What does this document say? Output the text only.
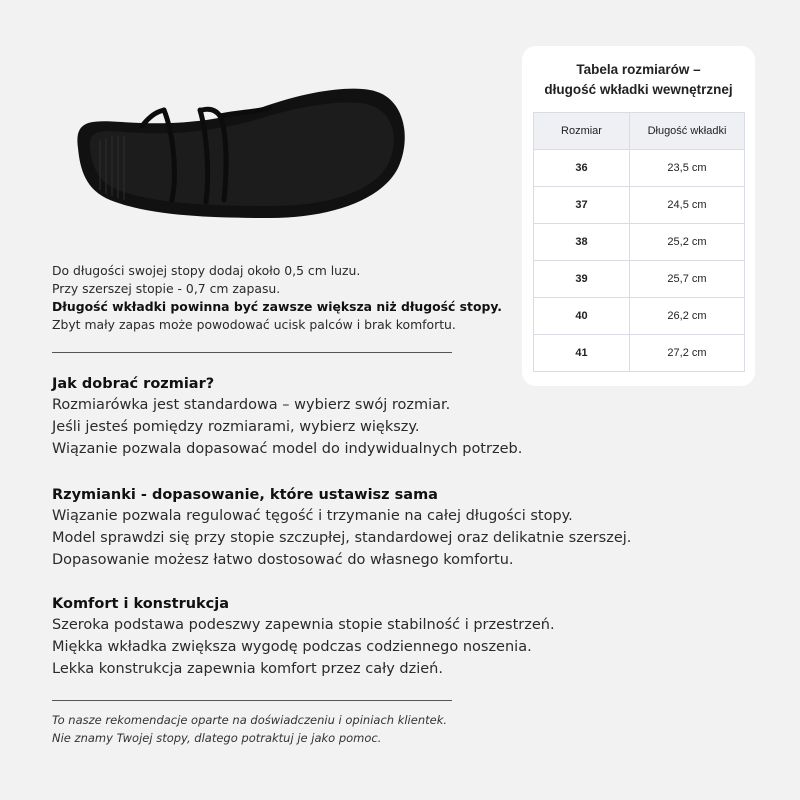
Tabela rozmiarów –
długość wkładki wewnętrznej
Rozmiar	Długość wkładki
36	23,5 cm
37	24,5 cm
38	25,2 cm
39	25,7 cm
40	26,2 cm
41	27,2 cm
Do długości swojej stopy dodaj około 0,5 cm luzu.
Przy szerszej stopie - 0,7 cm zapasu.
Długość wkładki powinna być zawsze większa niż długość stopy.
Zbyt mały zapas może powodować ucisk palców i brak komfortu.
Jak dobrać rozmiar?

Rozmiarówka jest standardowa – wybierz swój rozmiar.

Jeśli jesteś pomiędzy rozmiarami, wybierz większy.

Wiązanie pozwala dopasować model do indywidualnych potrzeb.

Rzymianki - dopasowanie, które ustawisz sama

Wiązanie pozwala regulować tęgość i trzymanie na całej długości stopy.

Model sprawdzi się przy stopie szczupłej, standardowej oraz delikatnie szerszej.

Dopasowanie możesz łatwo dostosować do własnego komfortu.

Komfort i konstrukcja

Szeroka podstawa podeszwy zapewnia stopie stabilność i przestrzeń.

Miękka wkładka zwiększa wygodę podczas codziennego noszenia.

Lekka konstrukcja zapewnia komfort przez cały dzień.

To nasze rekomendacje oparte na doświadczeniu i opiniach klientek.
Nie znamy Twojej stopy, dlatego potraktuj je jako pomoc.
